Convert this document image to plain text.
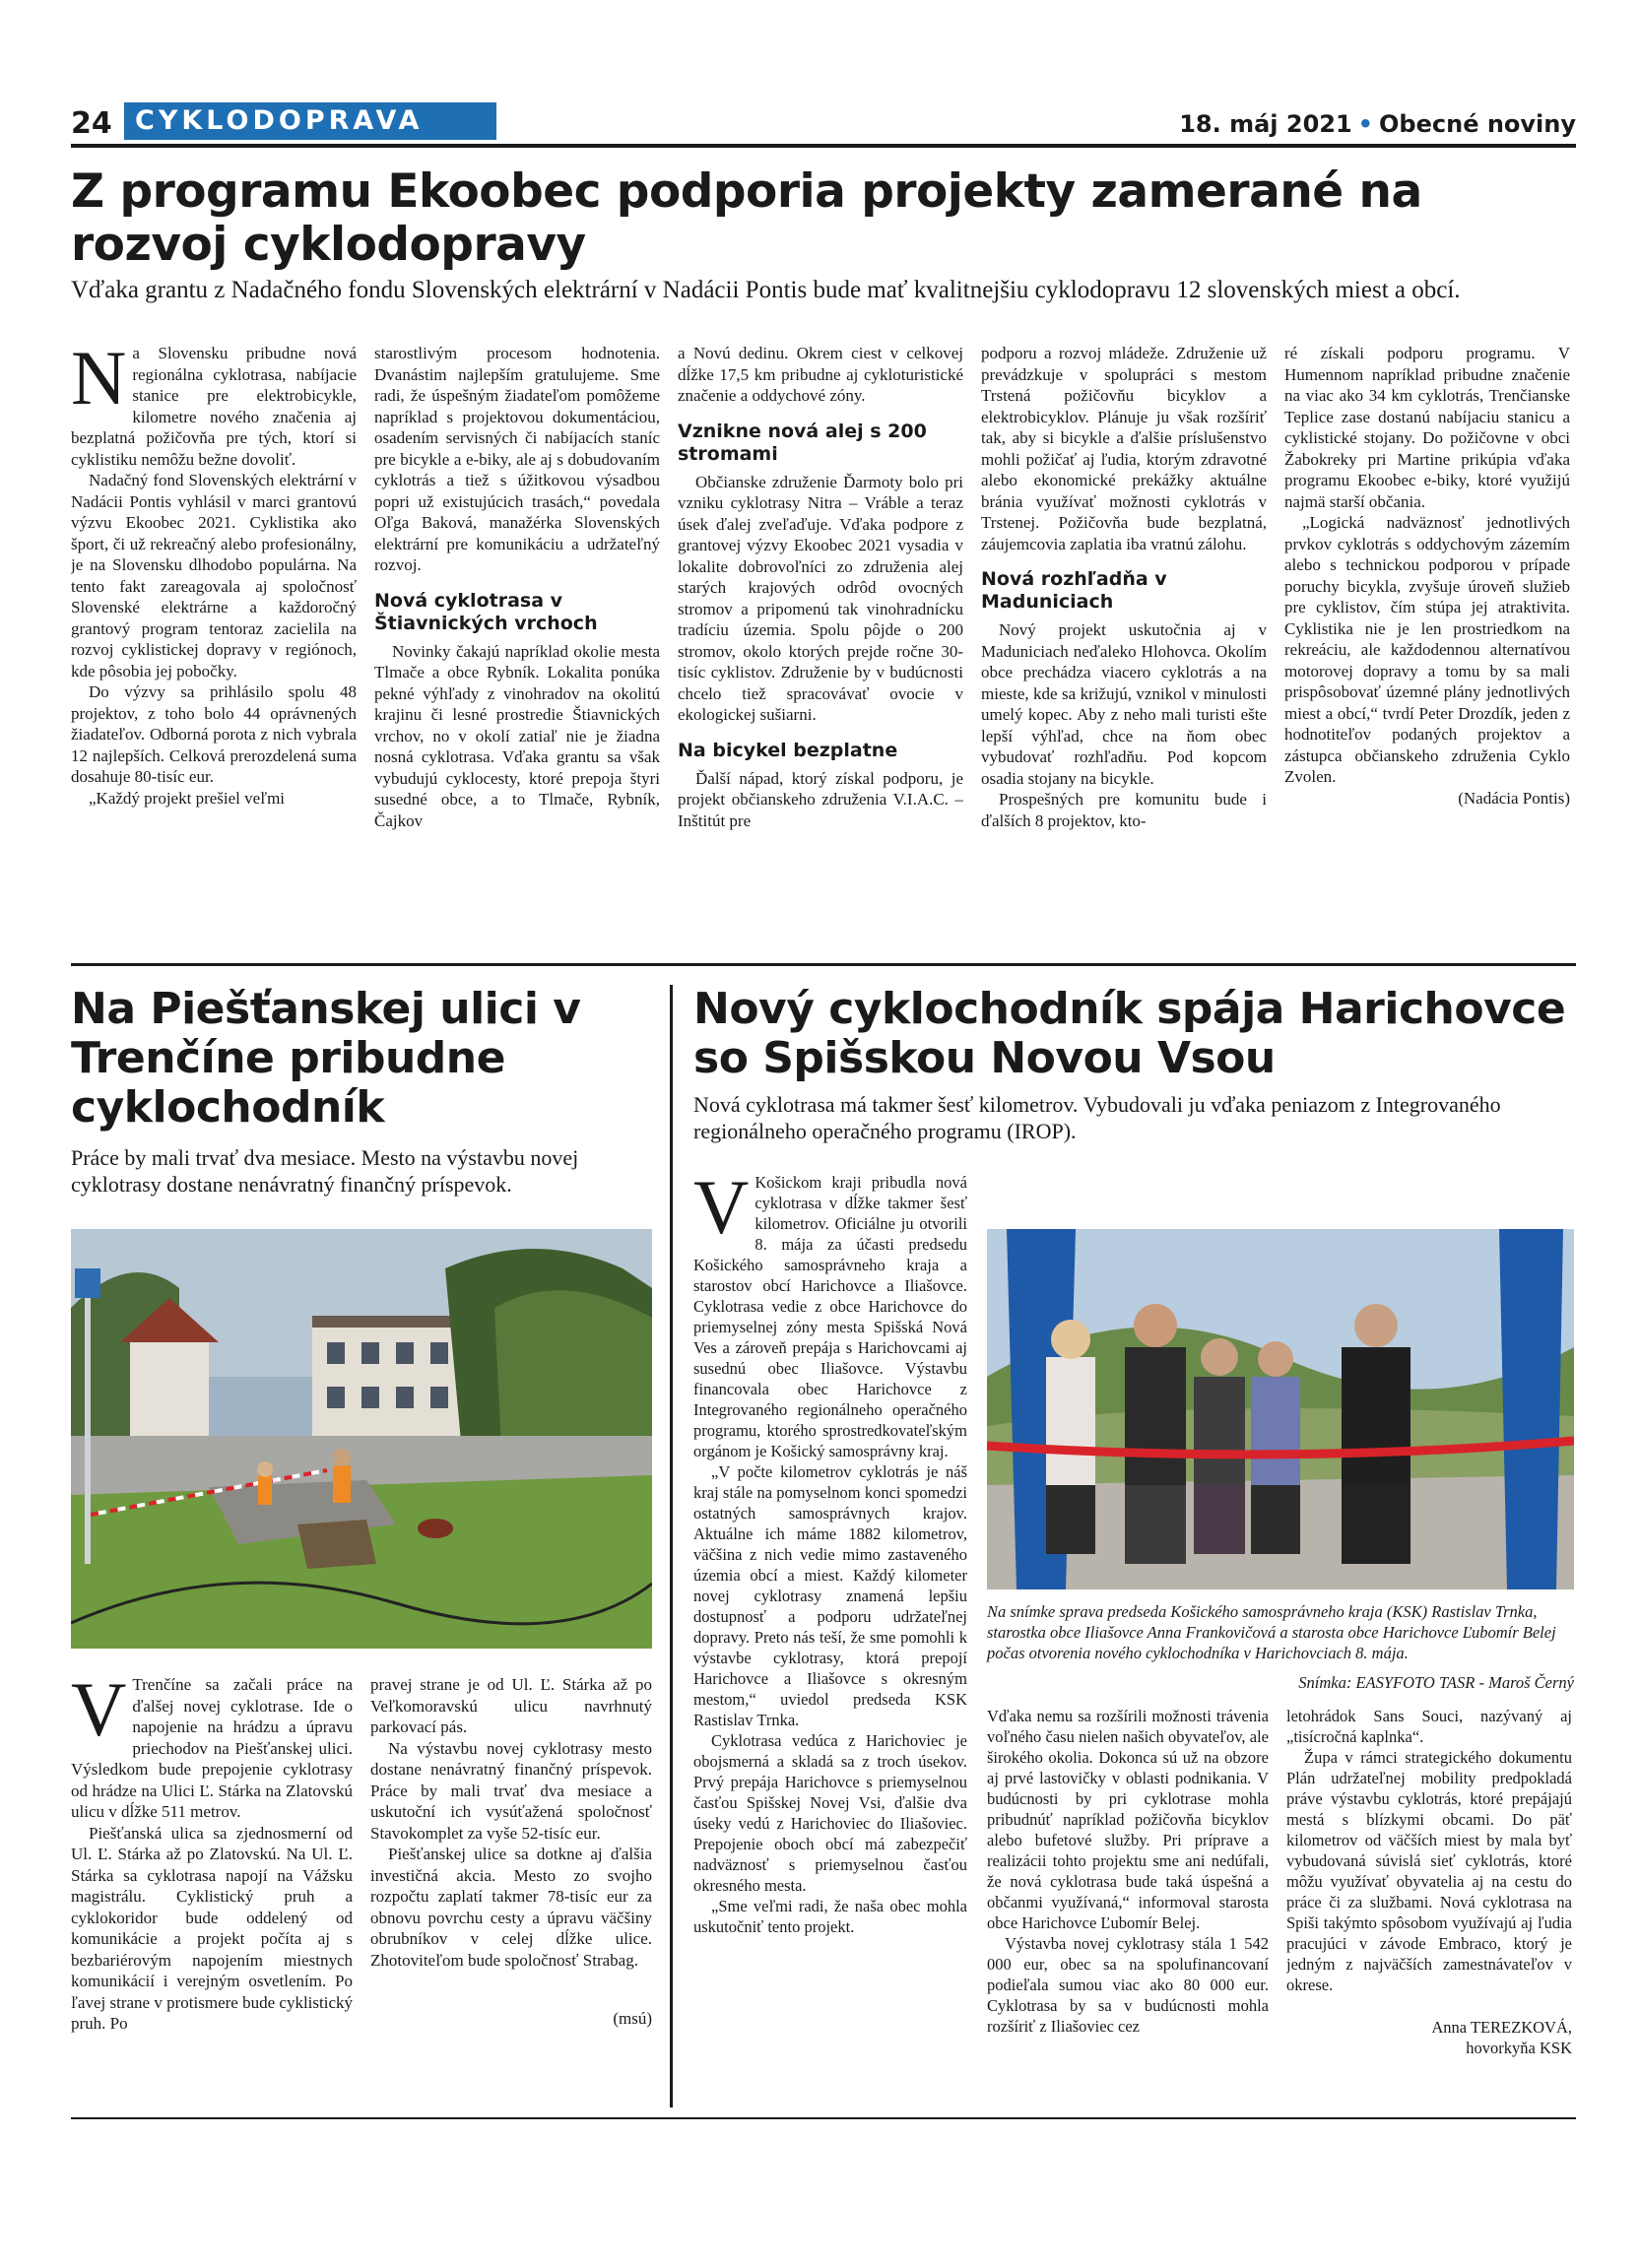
24 CYKLODOPRAVA	18. máj 2021 • Obecné noviny
Z programu Ekoobec podporia projekty zamerané na rozvoj cyklodopravy
Vďaka grantu z Nadačného fondu Slovenských elektrární v Nadácii Pontis bude mať kvalitnejšiu cyklodopravu 12 slovenských miest a obcí.

Na Slovensku pribudne nová regionálna cyklotrasa, nabíjacie stanice pre elektrobicykle, kilometre nového značenia aj bezplatná požičovňa pre tých, ktorí si cyklistiku nemôžu bežne dovoliť.

Nadačný fond Slovenských elektrární v Nadácii Pontis vyhlásil v marci grantovú výzvu Ekoobec 2021. Cyklistika ako šport, či už rekreačný alebo profesionálny, je na Slovensku dlhodobo populárna. Na tento fakt zareagovala aj spoločnosť Slovenské elektrárne a každoročný grantový program tentoraz zacielila na rozvoj cyklistickej dopravy v regiónoch, kde pôsobia jej pobočky.

Do výzvy sa prihlásilo spolu 48 projektov, z toho bolo 44 oprávnených žiadateľov. Odborná porota z nich vybrala 12 najlepších. Celková prerozdelená suma dosahuje 80-tisíc eur.

„Každý projekt prešiel veľmi

starostlivým procesom hodnotenia. Dvanástim najlepším gratulujeme. Sme radi, že úspešným žiadateľom pomôžeme napríklad s projektovou dokumentáciou, osadením servisných či nabíjacích staníc pre bicykle a e-biky, ale aj s dobudovaním cyklotrás a tiež s úžitkovou výsadbou popri už existujúcich trasách,“ povedala Oľga Baková, manažérka Slovenských elektrární pre komunikáciu a udržateľný rozvoj.

Nová cyklotrasa v Štiavnických vrchoch

Novinky čakajú napríklad okolie mesta Tlmače a obce Rybník. Lokalita ponúka pekné výhľady z vinohradov na okolitú krajinu či lesné prostredie Štiavnických vrchov, no v okolí zatiaľ nie je žiadna nosná cyklotrasa. Vďaka grantu sa však vybudujú cyklocesty, ktoré prepoja štyri susedné obce, a to Tlmače, Rybník, Čajkov

a Novú dedinu. Okrem ciest v celkovej dĺžke 17,5 km pribudne aj cykloturistické značenie a oddychové zóny.

Vznikne nová alej s 200 stromami

Občianske združenie Ďarmoty bolo pri vzniku cyklotrasy Nitra – Vráble a teraz úsek ďalej zveľaďuje. Vďaka podpore z grantovej výzvy Ekoobec 2021 vysadia v lokalite dobrovoľníci zo združenia alej starých krajových odrôd ovocných stromov a pripomenú tak vinohradnícku tradíciu územia. Spolu pôjde o 200 stromov, okolo ktorých prejde ročne 30-tisíc cyklistov. Združenie by v budúcnosti chcelo tiež spracovávať ovocie v ekologickej sušiarni.

Na bicykel bezplatne

Ďalší nápad, ktorý získal podporu, je projekt občianskeho združenia V.I.A.C. – Inštitút pre

podporu a rozvoj mládeže. Združenie už prevádzkuje v spolupráci s mestom Trstená požičovňu bicyklov a elektrobicyklov. Plánuje ju však rozšíriť tak, aby si bicykle a ďalšie príslušenstvo mohli požičať aj ľudia, ktorým zdravotné alebo ekonomické prekážky aktuálne bránia využívať možnosti cyklotrás v Trstenej. Požičovňa bude bezplatná, záujemcovia zaplatia iba vratnú zálohu.

Nová rozhľadňa v Maduniciach

Nový projekt uskutočnia aj v Maduniciach neďaleko Hlohovca. Okolím obce prechádza viacero cyklotrás a na mieste, kde sa križujú, vznikol v minulosti umelý kopec. Aby z neho mali turisti ešte lepší výhľad, chce na ňom obec vybudovať rozhľadňu. Pod kopcom osadia stojany na bicykle.

Prospešných pre komunitu bude i ďalších 8 projektov, kto-

ré získali podporu programu. V Humennom napríklad pribudne značenie na viac ako 34 km cyklotrás, Trenčianske Teplice zase dostanú nabíjaciu stanicu a cyklistické stojany. Do požičovne v obci Žabokreky pri Martine prikúpia vďaka programu Ekoobec e-biky, ktoré využijú najmä starší občania.

„Logická nadväznosť jednotlivých prvkov cyklotrás s oddychovým zázemím alebo s technickou podporou v prípade poruchy bicykla, zvyšuje úroveň služieb pre cyklistov, čím stúpa jej atraktivita. Cyklistika nie je len prostriedkom na rekreáciu, ale každodennou alternatívou motorovej dopravy a tomu by sa mali prispôsobovať územné plány jednotlivých miest a obcí,“ tvrdí Peter Drozdík, jeden z hodnotiteľov podaných projektov a zástupca občianskeho združenia Cyklo Zvolen.

(Nadácia Pontis)
Na Piešťanskej ulici v Trenčíne pribudne cyklochodník
Práce by mali trvať dva mesiace. Mesto na výstavbu novej cyklotrasy dostane nenávratný finančný príspevok.

V Trenčíne sa začali práce na ďalšej novej cyklotrase. Ide o napojenie na hrádzu a úpravu priechodov na Piešťanskej ulici. Výsledkom bude prepojenie cyklotrasy od hrádze na Ulici Ľ. Stárka na Zlatovskú ulicu v dĺžke 511 metrov.

Piešťanská ulica sa zjednosmerní od Ul. Ľ. Stárka až po Zlatovskú. Na Ul. Ľ. Stárka sa cyklotrasa napojí na Vážsku magistrálu. Cyklistický pruh a cyklokoridor bude oddelený od komunikácie a projekt počíta aj s bezbariérovým napojením miestnych komunikácií i verejným osvetlením. Po ľavej strane v protismere bude cyklistický pruh. Po

pravej strane je od Ul. Ľ. Stárka až po Veľkomoravskú ulicu navrhnutý parkovací pás.

Na výstavbu novej cyklotrasy mesto dostane nenávratný finančný príspevok. Práce by mali trvať dva mesiace a uskutoční ich vysúťažená spoločnosť Stavokomplet za vyše 52-tisíc eur.

Piešťanskej ulice sa dotkne aj ďalšia investičná akcia. Mesto zo svojho rozpočtu zaplatí takmer 78-tisíc eur za obnovu povrchu cesty a úpravu väčšiny obrubníkov v celej dĺžke ulice. Zhotoviteľom bude spoločnosť Strabag.

(msú)
Nový cyklochodník spája Harichovce so Spišskou Novou Vsou
Nová cyklotrasa má takmer šesť kilometrov. Vybudovali ju vďaka peniazom z Integrovaného regionálneho operačného programu (IROP).

V Košickom kraji pribudla nová cyklotrasa v dĺžke takmer šesť kilometrov. Oficiálne ju otvorili 8. mája za účasti predsedu Košického samosprávneho kraja a starostov obcí Harichovce a Iliašovce. Cyklotrasa vedie z obce Harichovce do priemyselnej zóny mesta Spišská Nová Ves a zároveň prepája s Harichovcami aj susednú obec Iliašovce. Výstavbu financovala obec Harichovce z Integrovaného regionálneho operačného programu, ktorého sprostredkovateľským orgánom je Košický samosprávny kraj.

„V počte kilometrov cyklotrás je náš kraj stále na pomyselnom konci spomedzi ostatných samosprávnych krajov. Aktuálne ich máme 1882 kilometrov, väčšina z nich vedie mimo zastaveného územia obcí a miest. Každý kilometer novej cyklotrasy znamená lepšiu dostupnosť a podporu udržateľnej dopravy. Preto nás teší, že sme pomohli k výstavbe cyklotrasy, ktorá prepojí Harichovce a Iliašovce s okresným mestom,“ uviedol predseda KSK Rastislav Trnka.

Cyklotrasa vedúca z Harichoviec je obojsmerná a skladá sa z troch úsekov. Prvý prepája Harichovce s priemyselnou časťou Spišskej Novej Vsi, ďalšie dva úseky vedú z Harichoviec do Iliašoviec. Prepojenie oboch obcí má zabezpečiť nadväznosť s priemyselnou časťou okresného mesta.

„Sme veľmi radi, že naša obec mohla uskutočniť tento projekt.

Na snímke sprava predseda Košického samosprávneho kraja (KSK) Rastislav Trnka, starostka obce Iliašovce Anna Frankovičová a starosta obce Harichovce Ľubomír Belej počas otvorenia nového cyklochodníka v Harichovciach 8. mája.
Snímka: EASYFOTO TASR - Maroš Černý

Vďaka nemu sa rozšírili možnosti trávenia voľného času nielen našich obyvateľov, ale širokého okolia. Dokonca sú už na obzore aj prvé lastovičky v oblasti podnikania. V budúcnosti by pri cyklotrase mohla pribudnúť napríklad požičovňa bicyklov alebo bufetové služby. Pri príprave a realizácii tohto projektu sme ani nedúfali, že nová cyklotrasa bude taká úspešná a občanmi využívaná,“ informoval starosta obce Harichovce Ľubomír Belej.

Výstavba novej cyklotrasy stála 1 542 000 eur, obec sa na spolufinancovaní podieľala sumou viac ako 80 000 eur. Cyklotrasa by sa v budúcnosti mohla rozšíriť z Iliašoviec cez

letohrádok Sans Souci, nazývaný aj „tisícročná kaplnka“.

Župa v rámci strategického dokumentu Plán udržateľnej mobility predpokladá práve výstavbu cyklotrás, ktoré prepájajú mestá s blízkymi obcami. Do päť kilometrov od väčších miest by mala byť vybudovaná súvislá sieť cyklotrás, ktoré môžu využívať obyvatelia aj na cestu do práce či za službami. Nová cyklotrasa na Spiši takýmto spôsobom využívajú aj ľudia pracujúci v závode Embraco, ktorý je jedným z najväčších zamestnávateľov v okrese.

Anna TEREZKOVÁ,
hovorkyňa KSK
